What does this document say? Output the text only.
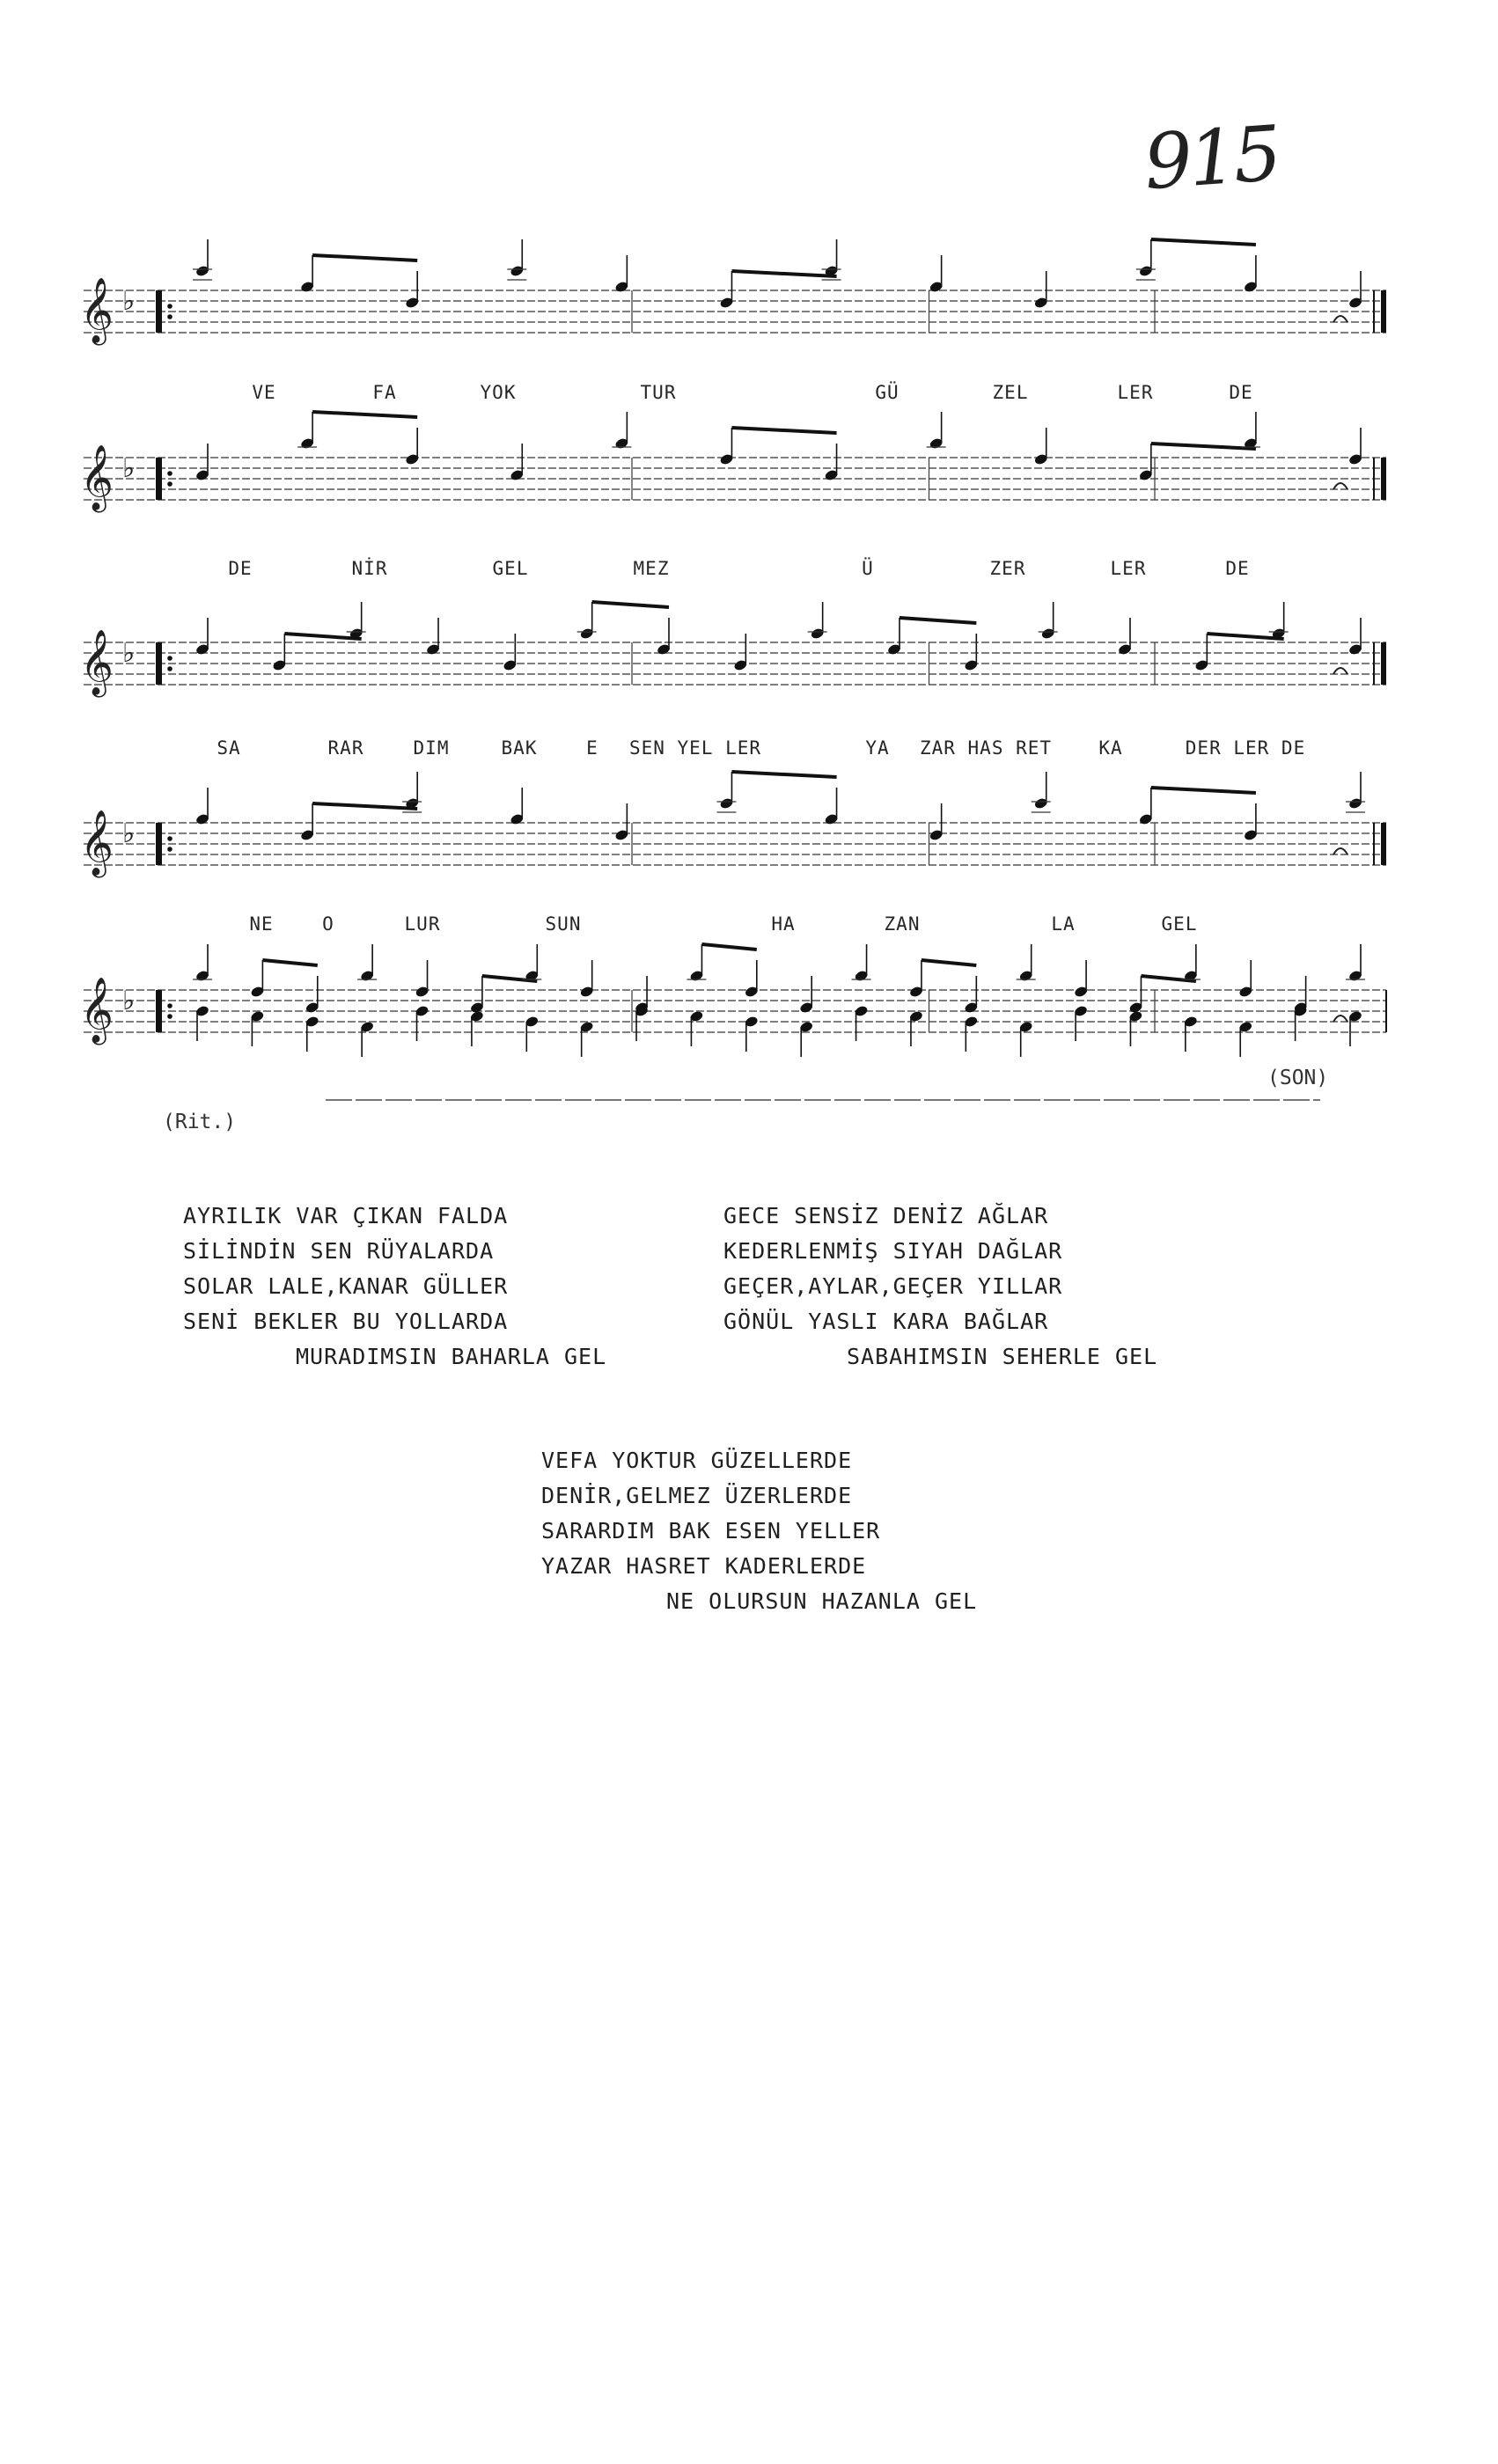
915
𝄞 ♭
𝄞 ♭
𝄞 ♭
𝄞 ♭
𝄞 ♭
VE	FA	YOK	TUR	GÜ	ZEL	LER	DE
DE	NİR	GEL	MEZ	Ü	ZER	LER	DE
SA	RAR	DIM	BAK	E SEN YEL LER	YA ZAR HAS RET	KA	DER LER DE
NE	O	LUR	SUN	HA	ZAN	LA	GEL
(Rit.)
(SON)
AYRILIK VAR ÇIKAN FALDA
SİLİNDİN SEN RÜYALARDA
SOLAR LALE,KANAR GÜLLER
SENİ BEKLER BU YOLLARDA
MURADIMSIN BAHARLA GEL
GECE SENSİZ DENİZ AĞLAR
KEDERLENMİŞ SIYAH DAĞLAR
GEÇER,AYLAR,GEÇER YILLAR
GÖNÜL YASLI KARA BAĞLAR
SABAHIMSIN SEHERLE GEL
VEFA YOKTUR GÜZELLERDE
DENİR,GELMEZ ÜZERLERDE
SARARDIM BAK ESEN YELLER
YAZAR HASRET KADERLERDE
NE OLURSUN HAZANLA GEL
